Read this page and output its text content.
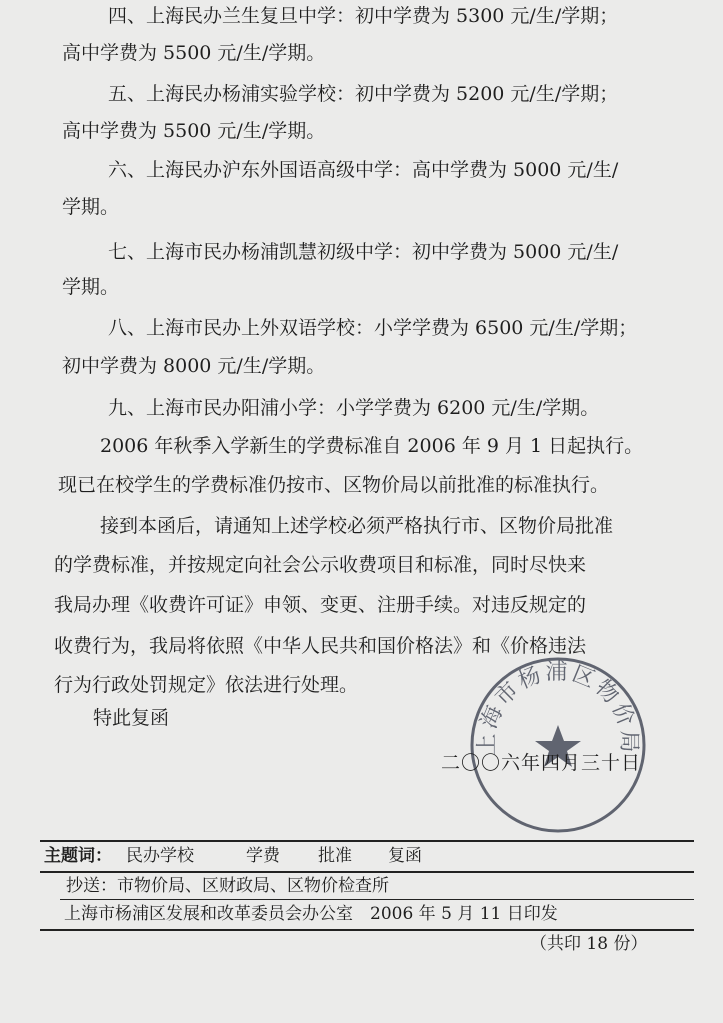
四、上海民办兰生复旦中学：初中学费为 5300 元/生/学期；

高中学费为 5500 元/生/学期。

五、上海民办杨浦实验学校：初中学费为 5200 元/生/学期；

高中学费为 5500 元/生/学期。

六、上海民办沪东外国语高级中学：高中学费为 5000 元/生/

学期。

七、上海市民办杨浦凯慧初级中学：初中学费为 5000 元/生/

学期。

八、上海市民办上外双语学校：小学学费为 6500 元/生/学期；

初中学费为 8000 元/生/学期。

九、上海市民办阳浦小学：小学学费为 6200 元/生/学期。

2006 年秋季入学新生的学费标准自 2006 年 9 月 1 日起执行。

现已在校学生的学费标准仍按市、区物价局以前批准的标准执行。

接到本函后，请通知上述学校必须严格执行市、区物价局批准

的学费标准，并按规定向社会公示收费项目和标准，同时尽快来

我局办理《收费许可证》申领、变更、注册手续。对违反规定的

收费行为，我局将依照《中华人民共和国价格法》和《价格违法

行为行政处罚规定》依法进行处理。

特此复函

上海市杨浦区物价局

二〇〇六年四月三十日

主题词： 民办学校	学费 批准 复函

抄送：市物价局、区财政局、区物价检查所

上海市杨浦区发展和改革委员会办公室　2006 年 5 月 11 日印发

（共印 18 份）
